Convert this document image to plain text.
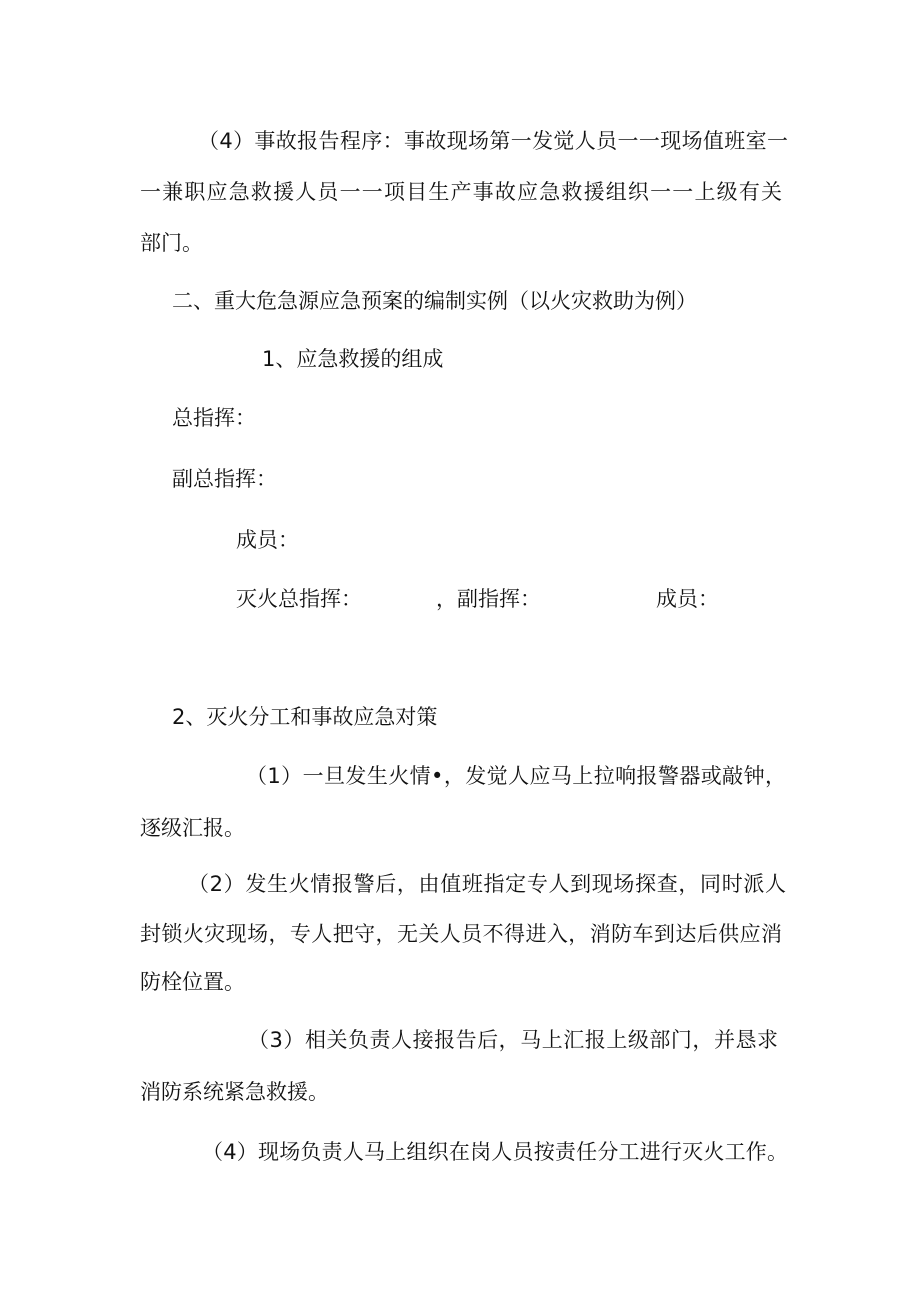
（4）事故报告程序：事故现场第一发觉人员一一现场值班室一
一兼职应急救援人员一一项目生产事故应急救援组织一一上级有关
部门。
二、重大危急源应急预案的编制实例（以火灾救助为例）
1、应急救援的组成
总指挥：
副总指挥：
成员：
灭火总指挥：	，副指挥：	成员：
2、灭火分工和事故应急对策
（1）一旦发生火情•，发觉人应马上拉响报警器或敲钟，
逐级汇报。
（2）发生火情报警后，由值班指定专人到现场探查，同时派人
封锁火灾现场，专人把守，无关人员不得进入，消防车到达后供应消
防栓位置。
（3）相关负责人接报告后，马上汇报上级部门，并恳求
消防系统紧急救援。
（4）现场负责人马上组织在岗人员按责任分工进行灭火工作。
